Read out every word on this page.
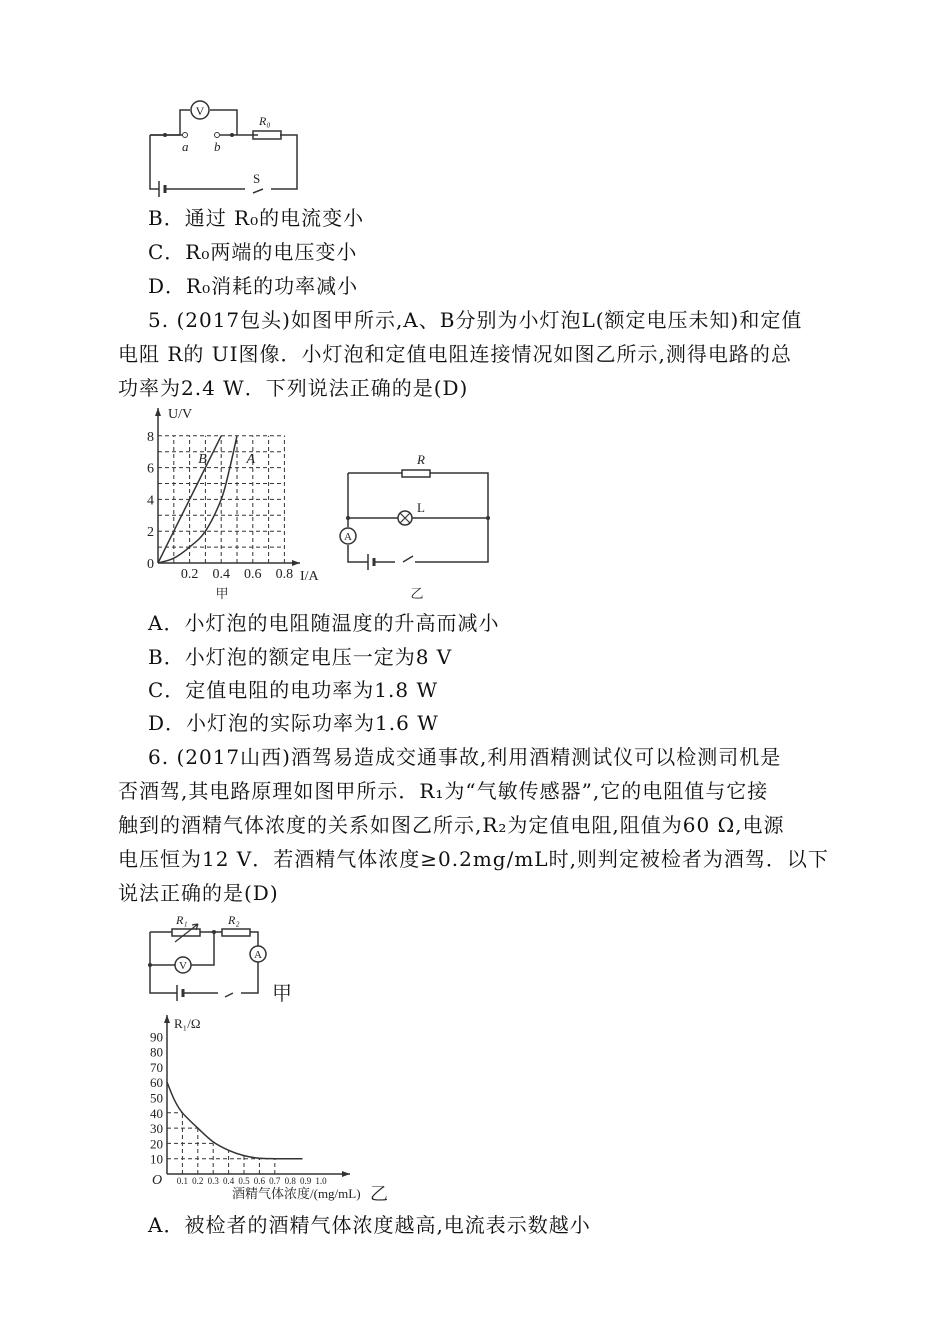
V
a b
R₀
S
B．通过 R₀的电流变小
C．R₀两端的电压变小
D．R₀消耗的功率减小
5. (2017包头)如图甲所示,A、B分别为小灯泡L(额定电压未知)和定值
电阻 R的 UI图像．小灯泡和定值电阻连接情况如图乙所示,测得电路的总
功率为2.4 W．下列说法正确的是(D)
I/A
U/V
甲
0.2 0.4 0.6 0.8
0
2
4
6
8
B	A	R
L
A
乙
A．小灯泡的电阻随温度的升高而减小
B．小灯泡的额定电压一定为8 V
C．定值电阻的电功率为1.8 W
D．小灯泡的实际功率为1.6 W
6. (2017山西)酒驾易造成交通事故,利用酒精测试仪可以检测司机是
否酒驾,其电路原理如图甲所示．R₁为“气敏传感器”,它的电阻值与它接
触到的酒精气体浓度的关系如图乙所示,R₂为定值电阻,阻值为60 Ω,电源
电压恒为12 V．若酒精气体浓度≥0.2mg/mL时,则判定被检者为酒驾．以下
说法正确的是(D)
R₁	R₂
V
A
甲
R₁/Ω
O
酒精气体浓度/(mg/mL) 乙
0.1 0.2 0.3 0.4 0.5 0.6 0.7 0.8 0.9 1.0
10
20
30
40
50
60
70
80
90
A．被检者的酒精气体浓度越高,电流表示数越小
